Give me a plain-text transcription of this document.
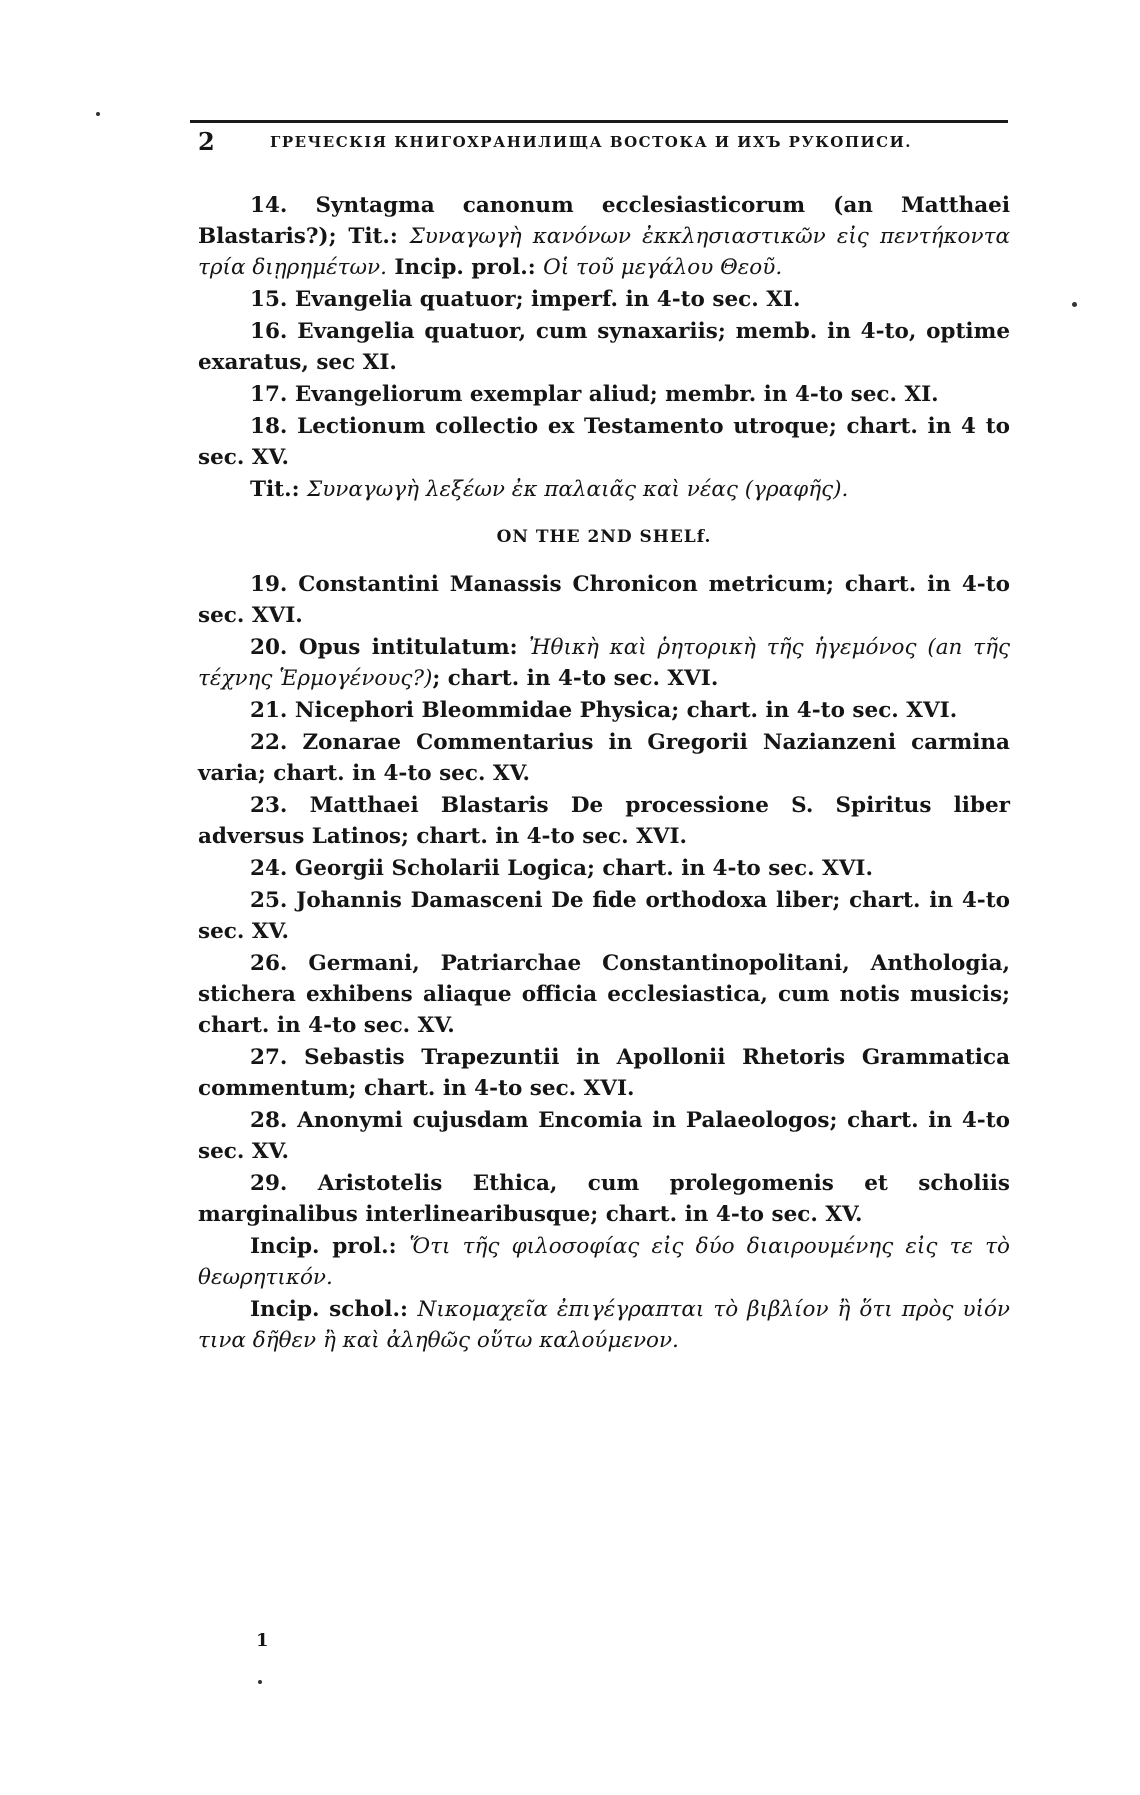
2	ГРЕЧЕСКІЯ КНИГОХРАНИЛИЩА ВОСТОКА И ИХЪ РУКОПИСИ.

14. Syntagma canonum ecclesiasticorum (an Matthaei Blastaris?); Tit.: Συναγωγὴ κανόνων ἐκκλησιαστικῶν εἰς πεντήκοντα τρία διῃρημέτων. Incip. prol.: Οἱ τοῦ μεγάλου Θεοῦ.

15. Evangelia quatuor; imperf. in 4-to sec. XI.

16. Evangelia quatuor, cum synaxariis; memb. in 4-to, optime exaratus, sec XI.

17. Evangeliorum exemplar aliud; membr. in 4-to sec. XI.

18. Lectionum collectio ex Testamento utroque; chart. in 4 to sec. XV.

Tit.: Συναγωγὴ λεξέων ἐκ παλαιᾶς καὶ νέας (γραφῆς).

ON THE 2ND SHELf.

19. Constantini Manassis Chronicon metricum; chart. in 4-to sec. XVI.

20. Opus intitulatum: Ἠθικὴ καὶ ῥητορικὴ τῆς ἡγεμόνος (an τῆς τέχνης Ἑρμογένους?); chart. in 4-to sec. XVI.

21. Nicephori Bleommidae Physica; chart. in 4-to sec. XVI.

22. Zonarae Commentarius in Gregorii Nazianzeni carmina varia; chart. in 4-to sec. XV.

23. Matthaei Blastaris De processione S. Spiritus liber adversus Latinos; chart. in 4-to sec. XVI.

24. Georgii Scholarii Logica; chart. in 4-to sec. XVI.

25. Johannis Damasceni De fide orthodoxa liber; chart. in 4-to sec. XV.

26. Germani, Patriarchae Constantinopolitani, Anthologia, stichera exhibens aliaque officia ecclesiastica, cum notis musicis; chart. in 4-to sec. XV.

27. Sebastis Trapezuntii in Apollonii Rhetoris Grammatica commentum; chart. in 4-to sec. XVI.

28. Anonymi cujusdam Encomia in Palaeologos; chart. in 4-to sec. XV.

29. Aristotelis Ethica, cum prolegomenis et scholiis marginalibus interlinearibusque; chart. in 4-to sec. XV.

Incip. prol.: Ὅτι τῆς φιλοσοφίας εἰς δύο διαιρουμένης εἰς τε τὸ θεωρητικόν.

Incip. schol.: Νικομαχεῖα ἐπιγέγραπται τὸ βιβλίον ἢ ὅτι πρὸς υἱόν τινα δῆθεν ἢ καὶ ἀληθῶς οὕτω καλούμενον.

1
